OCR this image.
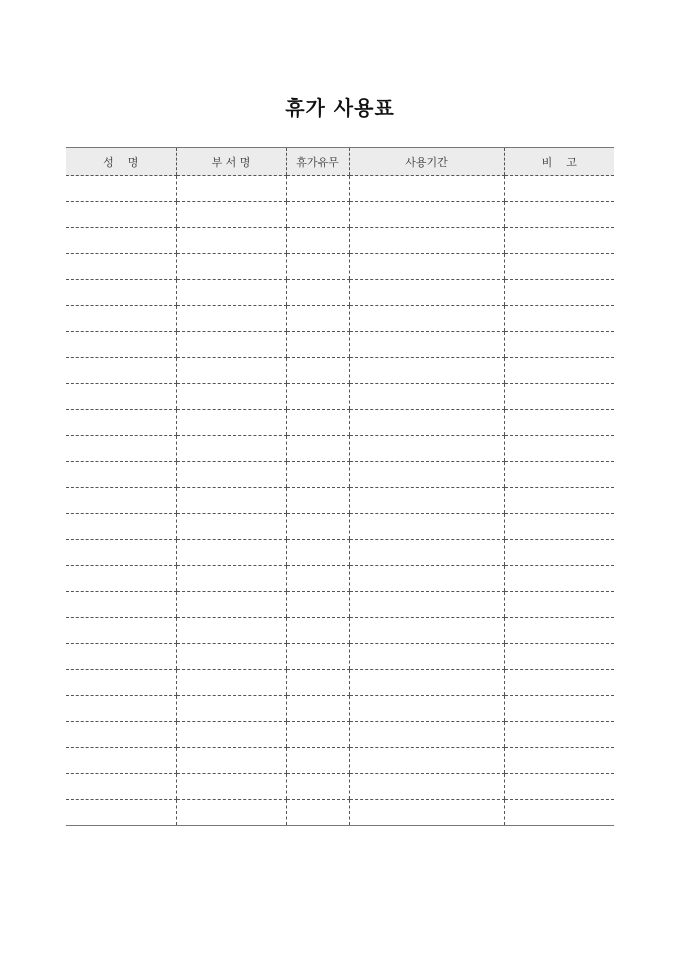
휴가 사용표
성    명	부 서 명	휴가유무	사용기간	비    고
